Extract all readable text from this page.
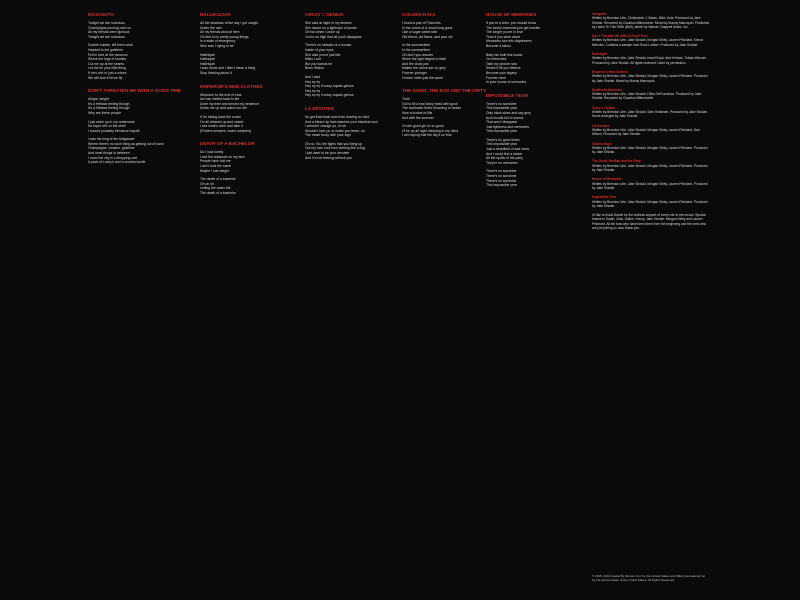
INCOGNITO
Tonight we are notorious
Champagne pouring over us
All my friends were glorious
Tonight we are notorious
Double bubble, tell them what
Headed to the galleries
Fell in love at the museum
Shook the legs of tourists
Cut me up at the seams
Let me be your little thing
If he's rich or just a whore
We will lose it till we fly
DON'T THREATEN ME WITH A GOOD TIME
Alright, alright
It's a Hellava feeling though
It's a Hellava feeling though
Why are these people
I just woke up in my underwear
No liquor left on the shelf
I should probably introduce myself
I was the king of the bellgasser
Where there's no such thing as getting out of hand
Champagne, cocaine, gasoline
And most things in between
I roam the city in a shopping cart
A pack of Lucky's and a crooked smile
HALLELUJAH
All the shadows of the day I got caught
Under the rain
All my friends around here
Oh feel so in pretty young things
In a state of emergency
Who was I trying to be
Hallelujah
Hallelujah
Hallelujah
I was drunk and I didn't mean a thing
Stop thinking about it
EMPEROR'S NEW CLOTHES
Welcome to the end of eras
Ice has melted back to life
Done my time and served my sentence
Dress me up and watch me die
If I'm taking back the crown
I'm all dressed up and naked
I see what's mine and take it
(Finders keepers, losers weepers)
DEATH OF A BACHELOR
Do I look lonely
I see the shadows on my face
People have told me
I don't look the same
Maybe I lost weight
The death of a bachelor
Oh oh oh
Letting the water fall
The death of a bachelor
CRAZY = GENIUS
She said at night in my dreams
She dance on a tightrope of words
Oh but when I woke up
You're so high that all you'll disappear
There's no mistake of a human
Inside of your eyes
She said you're just like
Miles Love
But you wanna be
Brian Wilson
And I said
Hey ey ey
Hey ey ey if crazy equals genius
Hey ey ey
Hey ey ey if crazy equals genius
LA DEVOTEE
So get that black dust from leaving so hard
And a bleach lip that matches your blackest soul
I wouldn't change ya, oh oh
Wouldn't love ya, to make you leave, no
The mean fuzzy with your sign
Oh no, No, the lights that you bring up
Got my own soul from leaving like a dog
I just want to be your devotee
And I'm not leaving without you
GOLDEN DAYS
I found a pair of Poloroids
In the colors of a mood long gone
Like a sugar sweet twin
Old friend, old flame, and your sin
In the summertime
In the summertime
Oh don't you wonder
When the light begins to fade
And the clock just
Makes the colors turn to grey
Forever younger
Growin' older just the same
THE GOOD, THE BAD AND THE DIRTY
Truth
Got to fill a real shiny head with good
The sunflower that's blooming to heads
Now a bucket of fills
And with the summer
I'm the good girl so so good
I'll be up all night sleeping in my mind
I am hoping that the sky's so true
HOUSE OF MEMORIES
If you're a lover, you should know
The lonely moments just get lonelier
The longer you're in love
Than if you were alone
Memories turn into daydreams
Become a taboo
Baby we built this house
On memories
Take my picture now
Shake it till you believe
Become your legacy
Forever mine
In your house of memories
IMPOSSIBLE YEAR
There's no sunshine
This impossible year
Only black skies and say grey
Acid clouds full of sorrow
That won't disappear
Just lightness and memories
This impossible year
There's no good times
This impossible year
Just a heartfield of bad news
And I could find a stoker
All the spoils of the party
They're no memories
There's no sunshine
There's no sunshine
There's no sunshine
This impossible year
Incognito
Written by Brendon Urie, Christopher J. Baran, Mike Viola. Produced by Jake Sinclair. Recorded by Claudius Mittendorfer. Mixed by Manny Marroquin. Published by Listen To This Shhh (BMI), admin by Warner Chappell Music, Inc.
Don't Threaten Me With A Good Time
Written by Brendon Urie, Jake Sinclair, Morgan Kibby, Lauren Pritchard, Kieron Menzies. Contains a sample from Rock Lobster. Produced by Jake Sinclair.
Hallelujah
Written by Brendon Urie, Jake Sinclair, Imad Royal, Alex Kristian, Tobias Wincorn. Produced by Jake Sinclair. All rights reserved. Used by permission.
Emperor's New Clothes
Written by Brendon Urie, Jake Sinclair, Morgan Kibby, Lauren Pritchard. Produced by Jake Sinclair. Mixed by Manny Marroquin.
Death of a Bachelor
Written by Brendon Urie, Jake Sinclair, Dillon DeFrancisco. Produced by Jake Sinclair. Recorded by Claudius Mittendorfer.
Crazy = Genius
Written by Brendon Urie, Jake Sinclair, Sam Hollander. Produced by Jake Sinclair. Horns arranged by Jake Sinclair.
LA Devotee
Written by Brendon Urie, Jake Sinclair, Morgan Kibby, Lauren Pritchard, Dan Wilson. Produced by Jake Sinclair.
Golden Days
Written by Brendon Urie, Jake Sinclair, Morgan Kibby, Lauren Pritchard. Produced by Jake Sinclair.
The Good, the Bad and the Dirty
Written by Brendon Urie, Jake Sinclair, Morgan Kibby, Lauren Pritchard. Produced by Jake Sinclair.
House of Memories
Written by Brendon Urie, Jake Sinclair, Morgan Kibby, Lauren Pritchard. Produced by Jake Sinclair.
Impossible Year
Written by Brendon Urie, Jake Sinclair, Morgan Kibby, Lauren Pritchard. Produced by Jake Sinclair.
I'd like to thank Daniel for the endless support of every role in the record. Special thanks to Sarah, Zack, Dallon, Kenny, Jake Sinclair, Morgan Kibby and Lauren Pritchard. All the fans who have been there from the beginning and the ones who are just joining us now, thank you.
© 2015, 2016 Fueled By Ramen LLC for the United States and WEA International Inc. for the world outside of the United States. All Rights Reserved.
